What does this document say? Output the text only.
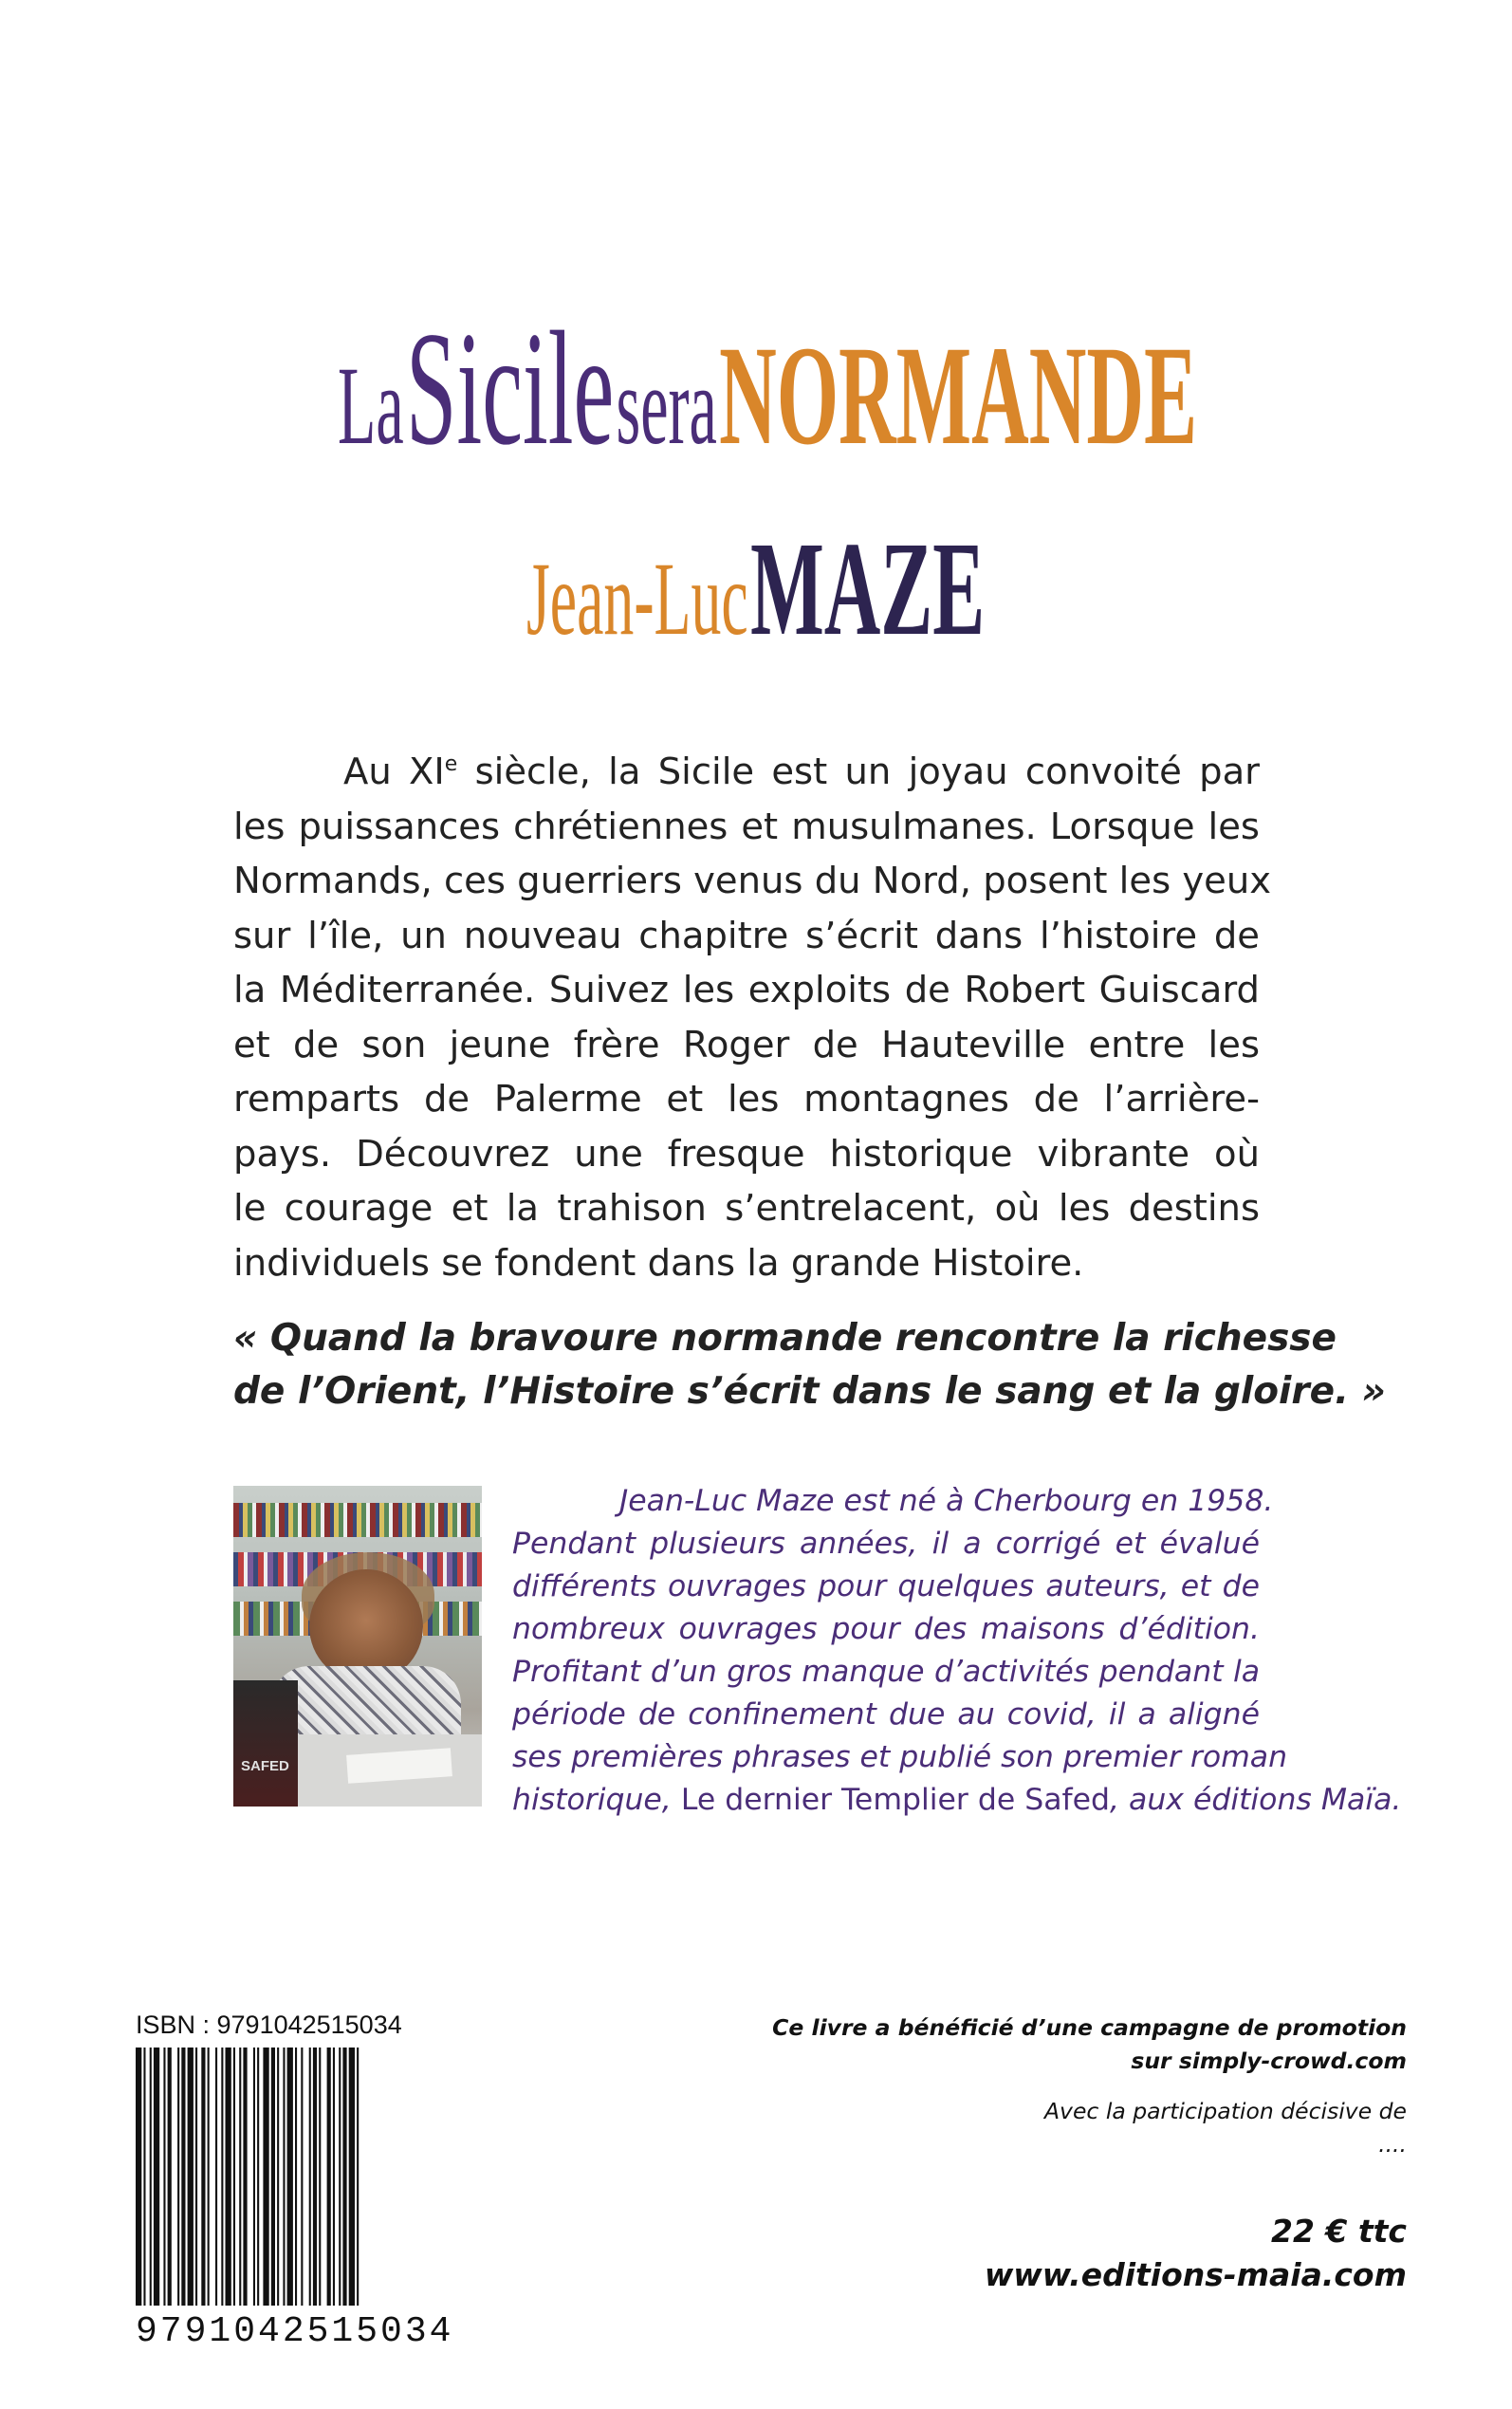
La Sicile sera NORMANDE
Jean-Luc MAZE
Au XIe siècle, la Sicile est un joyau convoité par
les puissances chrétiennes et musulmanes. Lorsque les
Normands, ces guerriers venus du Nord, posent les yeux
sur l’île, un nouveau chapitre s’écrit dans l’histoire de
la Méditerranée. Suivez les exploits de Robert Guiscard
et de son jeune frère Roger de Hauteville entre les
remparts de Palerme et les montagnes de l’arrière-
pays. Découvrez une fresque historique vibrante où
le courage et la trahison s’entrelacent, où les destins
individuels se fondent dans la grande Histoire.
« Quand la bravoure normande rencontre la richesse
de l’Orient, l’Histoire s’écrit dans le sang et la gloire. »
SAFED
Jean-Luc Maze est né à Cherbourg en 1958.
Pendant plusieurs années, il a corrigé et évalué
différents ouvrages pour quelques auteurs, et de
nombreux ouvrages pour des maisons d’édition.
Profitant d’un gros manque d’activités pendant la
période de confinement due au covid, il a aligné
ses premières phrases et publié son premier roman
historique, Le dernier Templier de Safed, aux éditions Maïa.
ISBN : 9791042515034
9791042515034
Ce livre a bénéficié d’une campagne de promotion
sur simply-crowd.com
Avec la participation décisive de
....
22 € ttc
www.editions-maia.com
